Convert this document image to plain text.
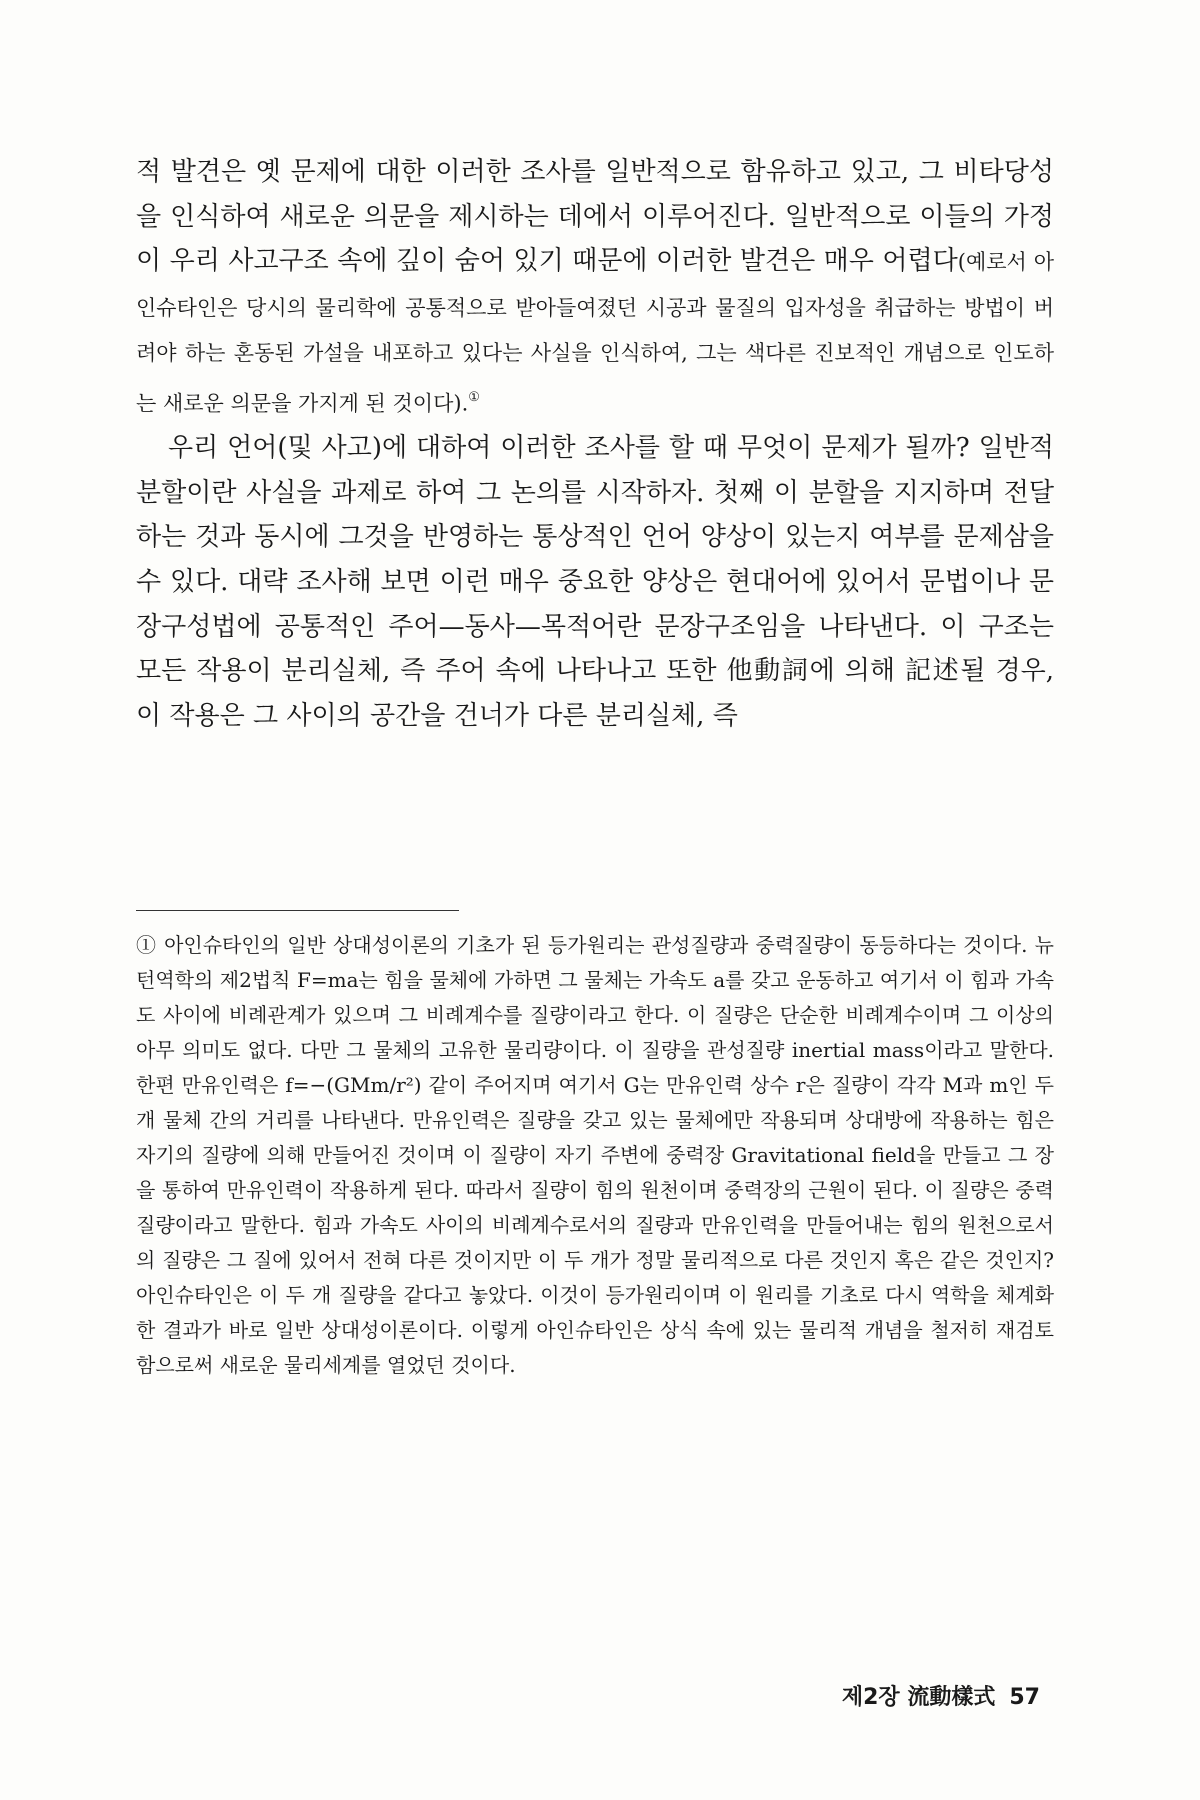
적 발견은 옛 문제에 대한 이러한 조사를 일반적으로 함유하고 있고, 그 비타당성을 인식하여 새로운 의문을 제시하는 데에서 이루어진다. 일반적으로 이들의 가정이 우리 사고구조 속에 깊이 숨어 있기 때문에 이러한 발견은 매우 어렵다(예로서 아인슈타인은 당시의 물리학에 공통적으로 받아들여졌던 시공과 물질의 입자성을 취급하는 방법이 버려야 하는 혼동된 가설을 내포하고 있다는 사실을 인식하여, 그는 색다른 진보적인 개념으로 인도하는 새로운 의문을 가지게 된 것이다).①

우리 언어(및 사고)에 대하여 이러한 조사를 할 때 무엇이 문제가 될까? 일반적 분할이란 사실을 과제로 하여 그 논의를 시작하자. 첫째 이 분할을 지지하며 전달하는 것과 동시에 그것을 반영하는 통상적인 언어 양상이 있는지 여부를 문제삼을 수 있다. 대략 조사해 보면 이런 매우 중요한 양상은 현대어에 있어서 문법이나 문장구성법에 공통적인 주어—동사—목적어란 문장구조임을 나타낸다. 이 구조는 모든 작용이 분리실체, 즉 주어 속에 나타나고 또한 他動詞에 의해 記述될 경우, 이 작용은 그 사이의 공간을 건너가 다른 분리실체, 즉

① 아인슈타인의 일반 상대성이론의 기초가 된 등가원리는 관성질량과 중력질량이 동등하다는 것이다. 뉴턴역학의 제2법칙 F=ma는 힘을 물체에 가하면 그 물체는 가속도 a를 갖고 운동하고 여기서 이 힘과 가속도 사이에 비례관계가 있으며 그 비례계수를 질량이라고 한다. 이 질량은 단순한 비례계수이며 그 이상의 아무 의미도 없다. 다만 그 물체의 고유한 물리량이다. 이 질량을 관성질량 inertial mass이라고 말한다. 한편 만유인력은 f=−(GMm/r²) 같이 주어지며 여기서 G는 만유인력 상수 r은 질량이 각각 M과 m인 두 개 물체 간의 거리를 나타낸다. 만유인력은 질량을 갖고 있는 물체에만 작용되며 상대방에 작용하는 힘은 자기의 질량에 의해 만들어진 것이며 이 질량이 자기 주변에 중력장 Gravitational field을 만들고 그 장을 통하여 만유인력이 작용하게 된다. 따라서 질량이 힘의 원천이며 중력장의 근원이 된다. 이 질량은 중력질량이라고 말한다. 힘과 가속도 사이의 비례계수로서의 질량과 만유인력을 만들어내는 힘의 원천으로서의 질량은 그 질에 있어서 전혀 다른 것이지만 이 두 개가 정말 물리적으로 다른 것인지 혹은 같은 것인지? 아인슈타인은 이 두 개 질량을 같다고 놓았다. 이것이 등가원리이며 이 원리를 기초로 다시 역학을 체계화한 결과가 바로 일반 상대성이론이다. 이렇게 아인슈타인은 상식 속에 있는 물리적 개념을 철저히 재검토함으로써 새로운 물리세계를 열었던 것이다.

제2장 流動樣式 57
